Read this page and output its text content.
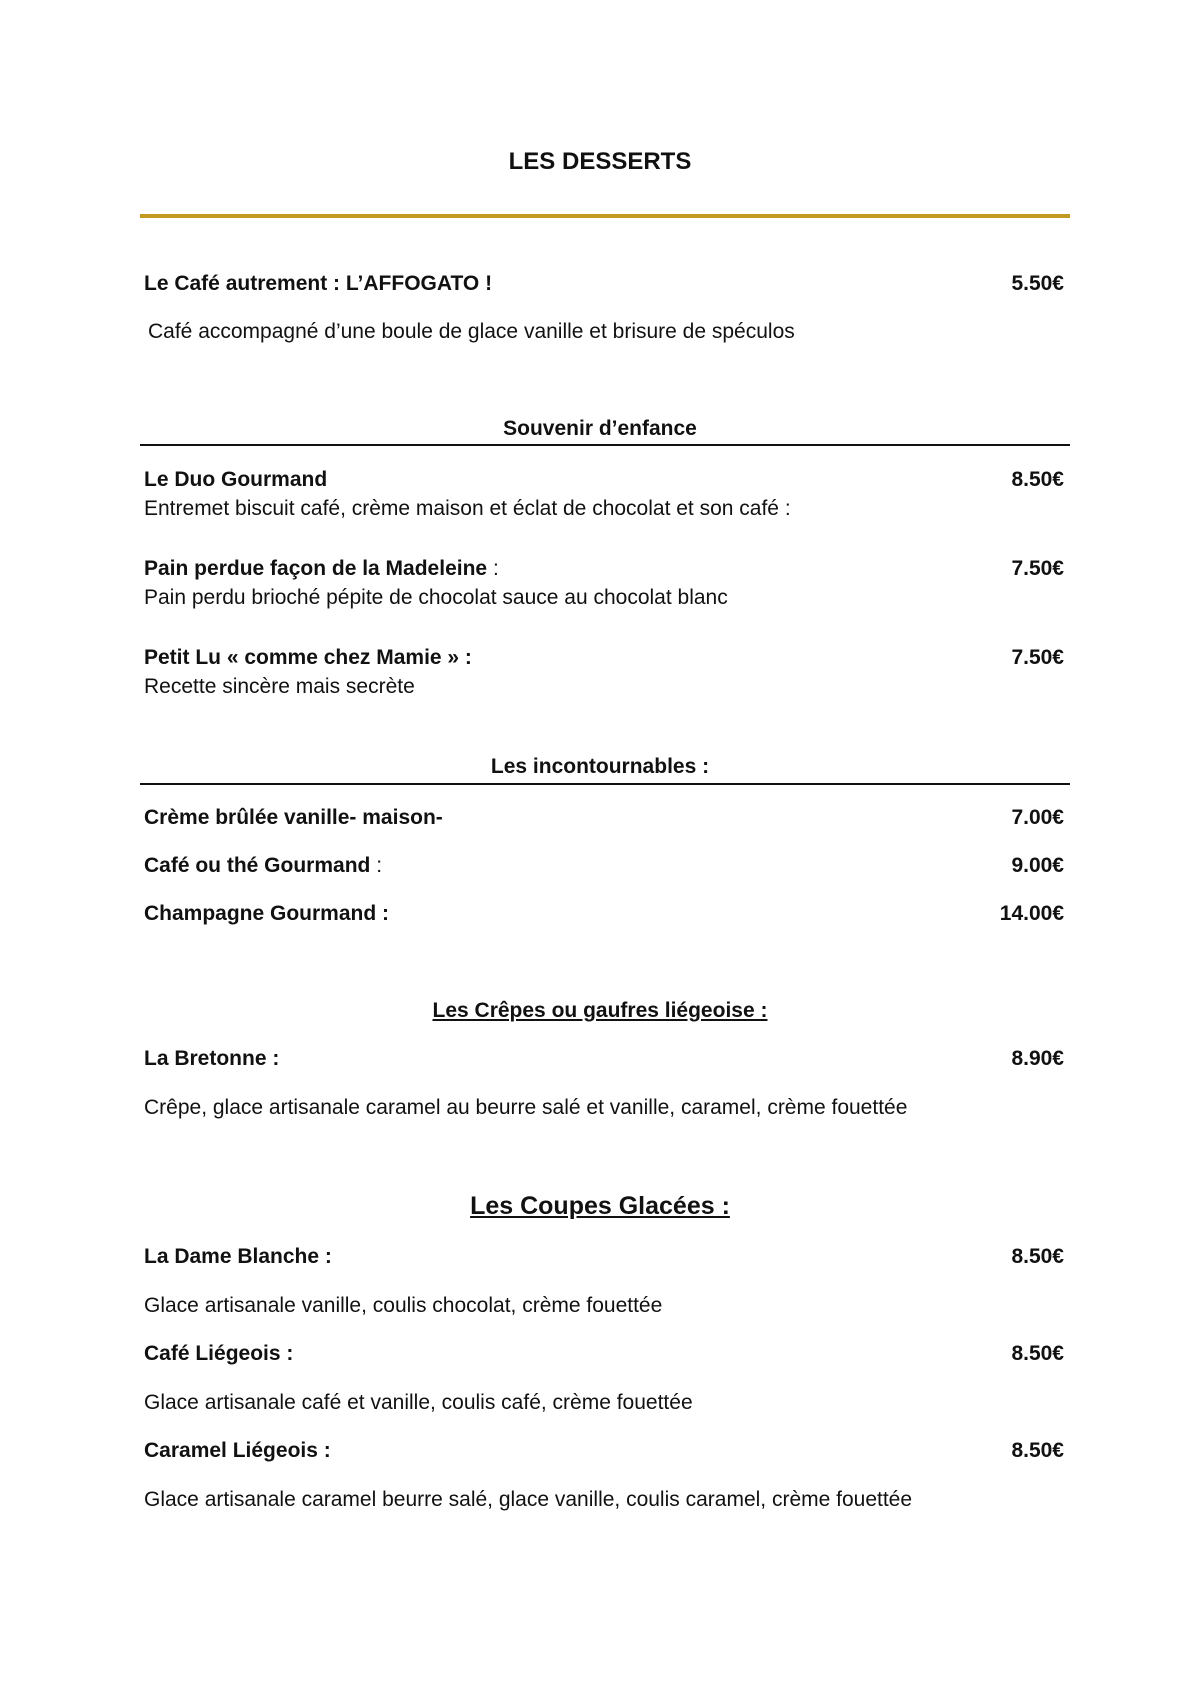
LES DESSERTS
Le Café autrement : L’AFFOGATO !	5.50€
Café accompagné d’une boule de glace vanille et brisure de spéculos
Souvenir d’enfance
Le Duo Gourmand	8.50€
Entremet biscuit café, crème maison et éclat de chocolat et son café :
Pain perdue façon de la Madeleine :	7.50€
Pain perdu brioché pépite de chocolat sauce au chocolat blanc
Petit Lu « comme chez Mamie » :	7.50€
Recette sincère mais secrète
Les incontournables :
Crème brûlée vanille- maison-	7.00€
Café ou thé Gourmand :	9.00€
Champagne Gourmand :	14.00€
Les Crêpes ou gaufres liégeoise :
La Bretonne :	8.90€
Crêpe, glace artisanale caramel au beurre salé et vanille, caramel, crème fouettée
Les Coupes Glacées :
La Dame Blanche :	8.50€
Glace artisanale vanille, coulis chocolat, crème fouettée
Café Liégeois :	8.50€
Glace artisanale café et vanille, coulis café, crème fouettée
Caramel Liégeois :	8.50€
Glace artisanale caramel beurre salé, glace vanille, coulis caramel, crème fouettée
